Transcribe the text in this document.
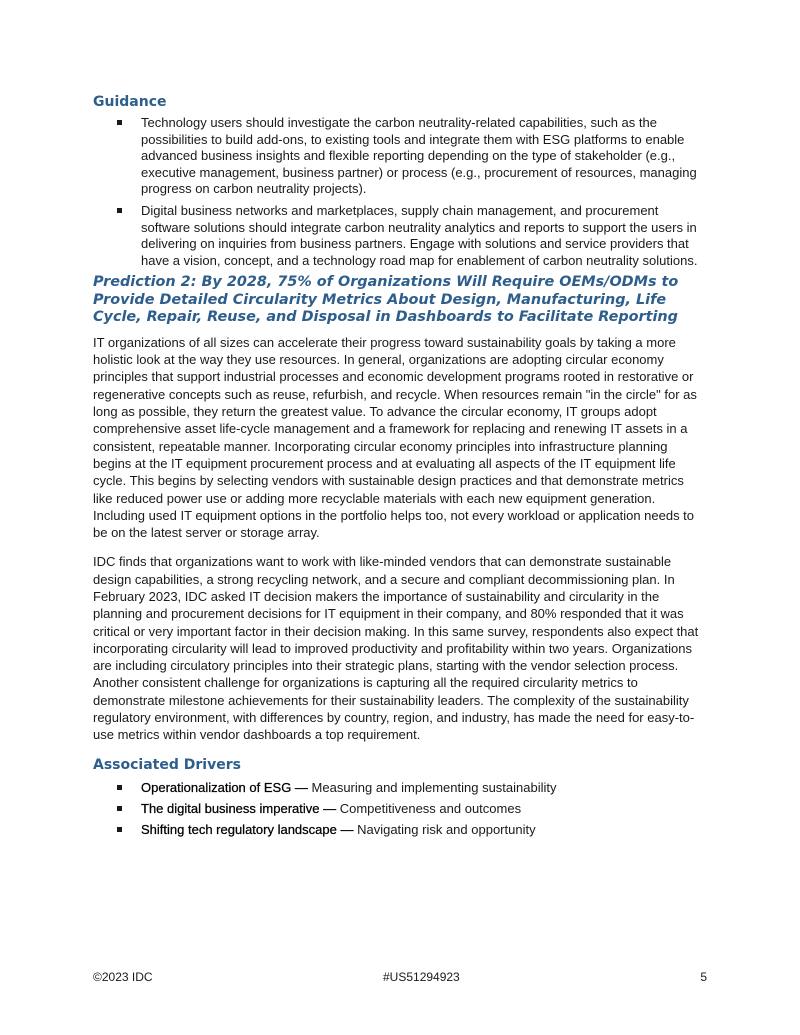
Guidance
Technology users should investigate the carbon neutrality-related capabilities, such as the possibilities to build add-ons, to existing tools and integrate them with ESG platforms to enable advanced business insights and flexible reporting depending on the type of stakeholder (e.g., executive management, business partner) or process (e.g., procurement of resources, managing progress on carbon neutrality projects).
Digital business networks and marketplaces, supply chain management, and procurement software solutions should integrate carbon neutrality analytics and reports to support the users in delivering on inquiries from business partners. Engage with solutions and service providers that have a vision, concept, and a technology road map for enablement of carbon neutrality solutions.
Prediction 2: By 2028, 75% of Organizations Will Require OEMs/ODMs to Provide Detailed Circularity Metrics About Design, Manufacturing, Life Cycle, Repair, Reuse, and Disposal in Dashboards to Facilitate Reporting

IT organizations of all sizes can accelerate their progress toward sustainability goals by taking a more holistic look at the way they use resources. In general, organizations are adopting circular economy principles that support industrial processes and economic development programs rooted in restorative or regenerative concepts such as reuse, refurbish, and recycle. When resources remain "in the circle" for as long as possible, they return the greatest value. To advance the circular economy, IT groups adopt comprehensive asset life-cycle management and a framework for replacing and renewing IT assets in a consistent, repeatable manner. Incorporating circular economy principles into infrastructure planning begins at the IT equipment procurement process and at evaluating all aspects of the IT equipment life cycle. This begins by selecting vendors with sustainable design practices and that demonstrate metrics like reduced power use or adding more recyclable materials with each new equipment generation. Including used IT equipment options in the portfolio helps too, not every workload or application needs to be on the latest server or storage array.

IDC finds that organizations want to work with like-minded vendors that can demonstrate sustainable design capabilities, a strong recycling network, and a secure and compliant decommissioning plan. In February 2023, IDC asked IT decision makers the importance of sustainability and circularity in the planning and procurement decisions for IT equipment in their company, and 80% responded that it was critical or very important factor in their decision making. In this same survey, respondents also expect that incorporating circularity will lead to improved productivity and profitability within two years. Organizations are including circulatory principles into their strategic plans, starting with the vendor selection process. Another consistent challenge for organizations is capturing all the required circularity metrics to demonstrate milestone achievements for their sustainability leaders. The complexity of the sustainability regulatory environment, with differences by country, region, and industry, has made the need for easy-to-use metrics within vendor dashboards a top requirement.

Associated Drivers
Operationalization of ESG — Measuring and implementing sustainability
The digital business imperative — Competitiveness and outcomes
Shifting tech regulatory landscape — Navigating risk and opportunity
©2023 IDC	#US51294923	5
